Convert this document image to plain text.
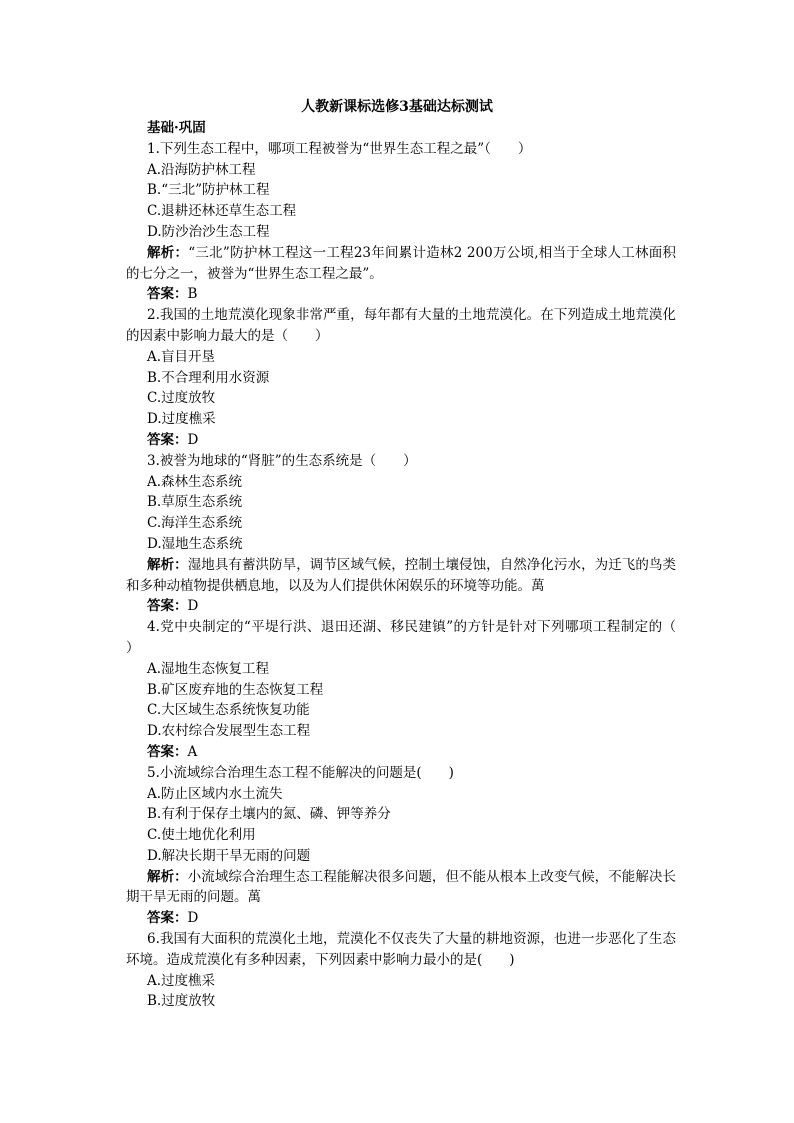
人教新课标选修3基础达标测试
基础·巩固
1.下列生态工程中，哪项工程被誉为“世界生态工程之最”（　　）
A.沿海防护林工程
B.“三北”防护林工程
C.退耕还林还草生态工程
D.防沙治沙生态工程
解析：“三北”防护林工程这一工程23年间累计造林2 200万公顷,相当于全球人工林面积的七分之一，被誉为“世界生态工程之最”。
答案：B
2.我国的土地荒漠化现象非常严重，每年都有大量的土地荒漠化。在下列造成土地荒漠化的因素中影响力最大的是（　　）
A.盲目开垦
B.不合理利用水资源
C.过度放牧
D.过度樵采
答案：D
3.被誉为地球的“肾脏”的生态系统是（　　）
A.森林生态系统
B.草原生态系统
C.海洋生态系统
D.湿地生态系统
解析：湿地具有蓄洪防旱，调节区域气候，控制土壤侵蚀，自然净化污水，为迁飞的鸟类和多种动植物提供栖息地，以及为人们提供休闲娱乐的环境等功能。萬
答案：D
4.党中央制定的“平堤行洪、退田还湖、移民建镇”的方针是针对下列哪项工程制定的（　　）
A.湿地生态恢复工程
B.矿区废弃地的生态恢复工程
C.大区域生态系统恢复功能
D.农村综合发展型生态工程
答案：A
5.小流域综合治理生态工程不能解决的问题是(　　)
A.防止区域内水土流失
B.有利于保存土壤内的氮、磷、钾等养分
C.使土地优化利用
D.解决长期干旱无雨的问题
解析：小流域综合治理生态工程能解决很多问题，但不能从根本上改变气候，不能解决长期干旱无雨的问题。萬
答案：D
6.我国有大面积的荒漠化土地，荒漠化不仅丧失了大量的耕地资源，也进一步恶化了生态环境。造成荒漠化有多种因素，下列因素中影响力最小的是(　　)
A.过度樵采
B.过度放牧
